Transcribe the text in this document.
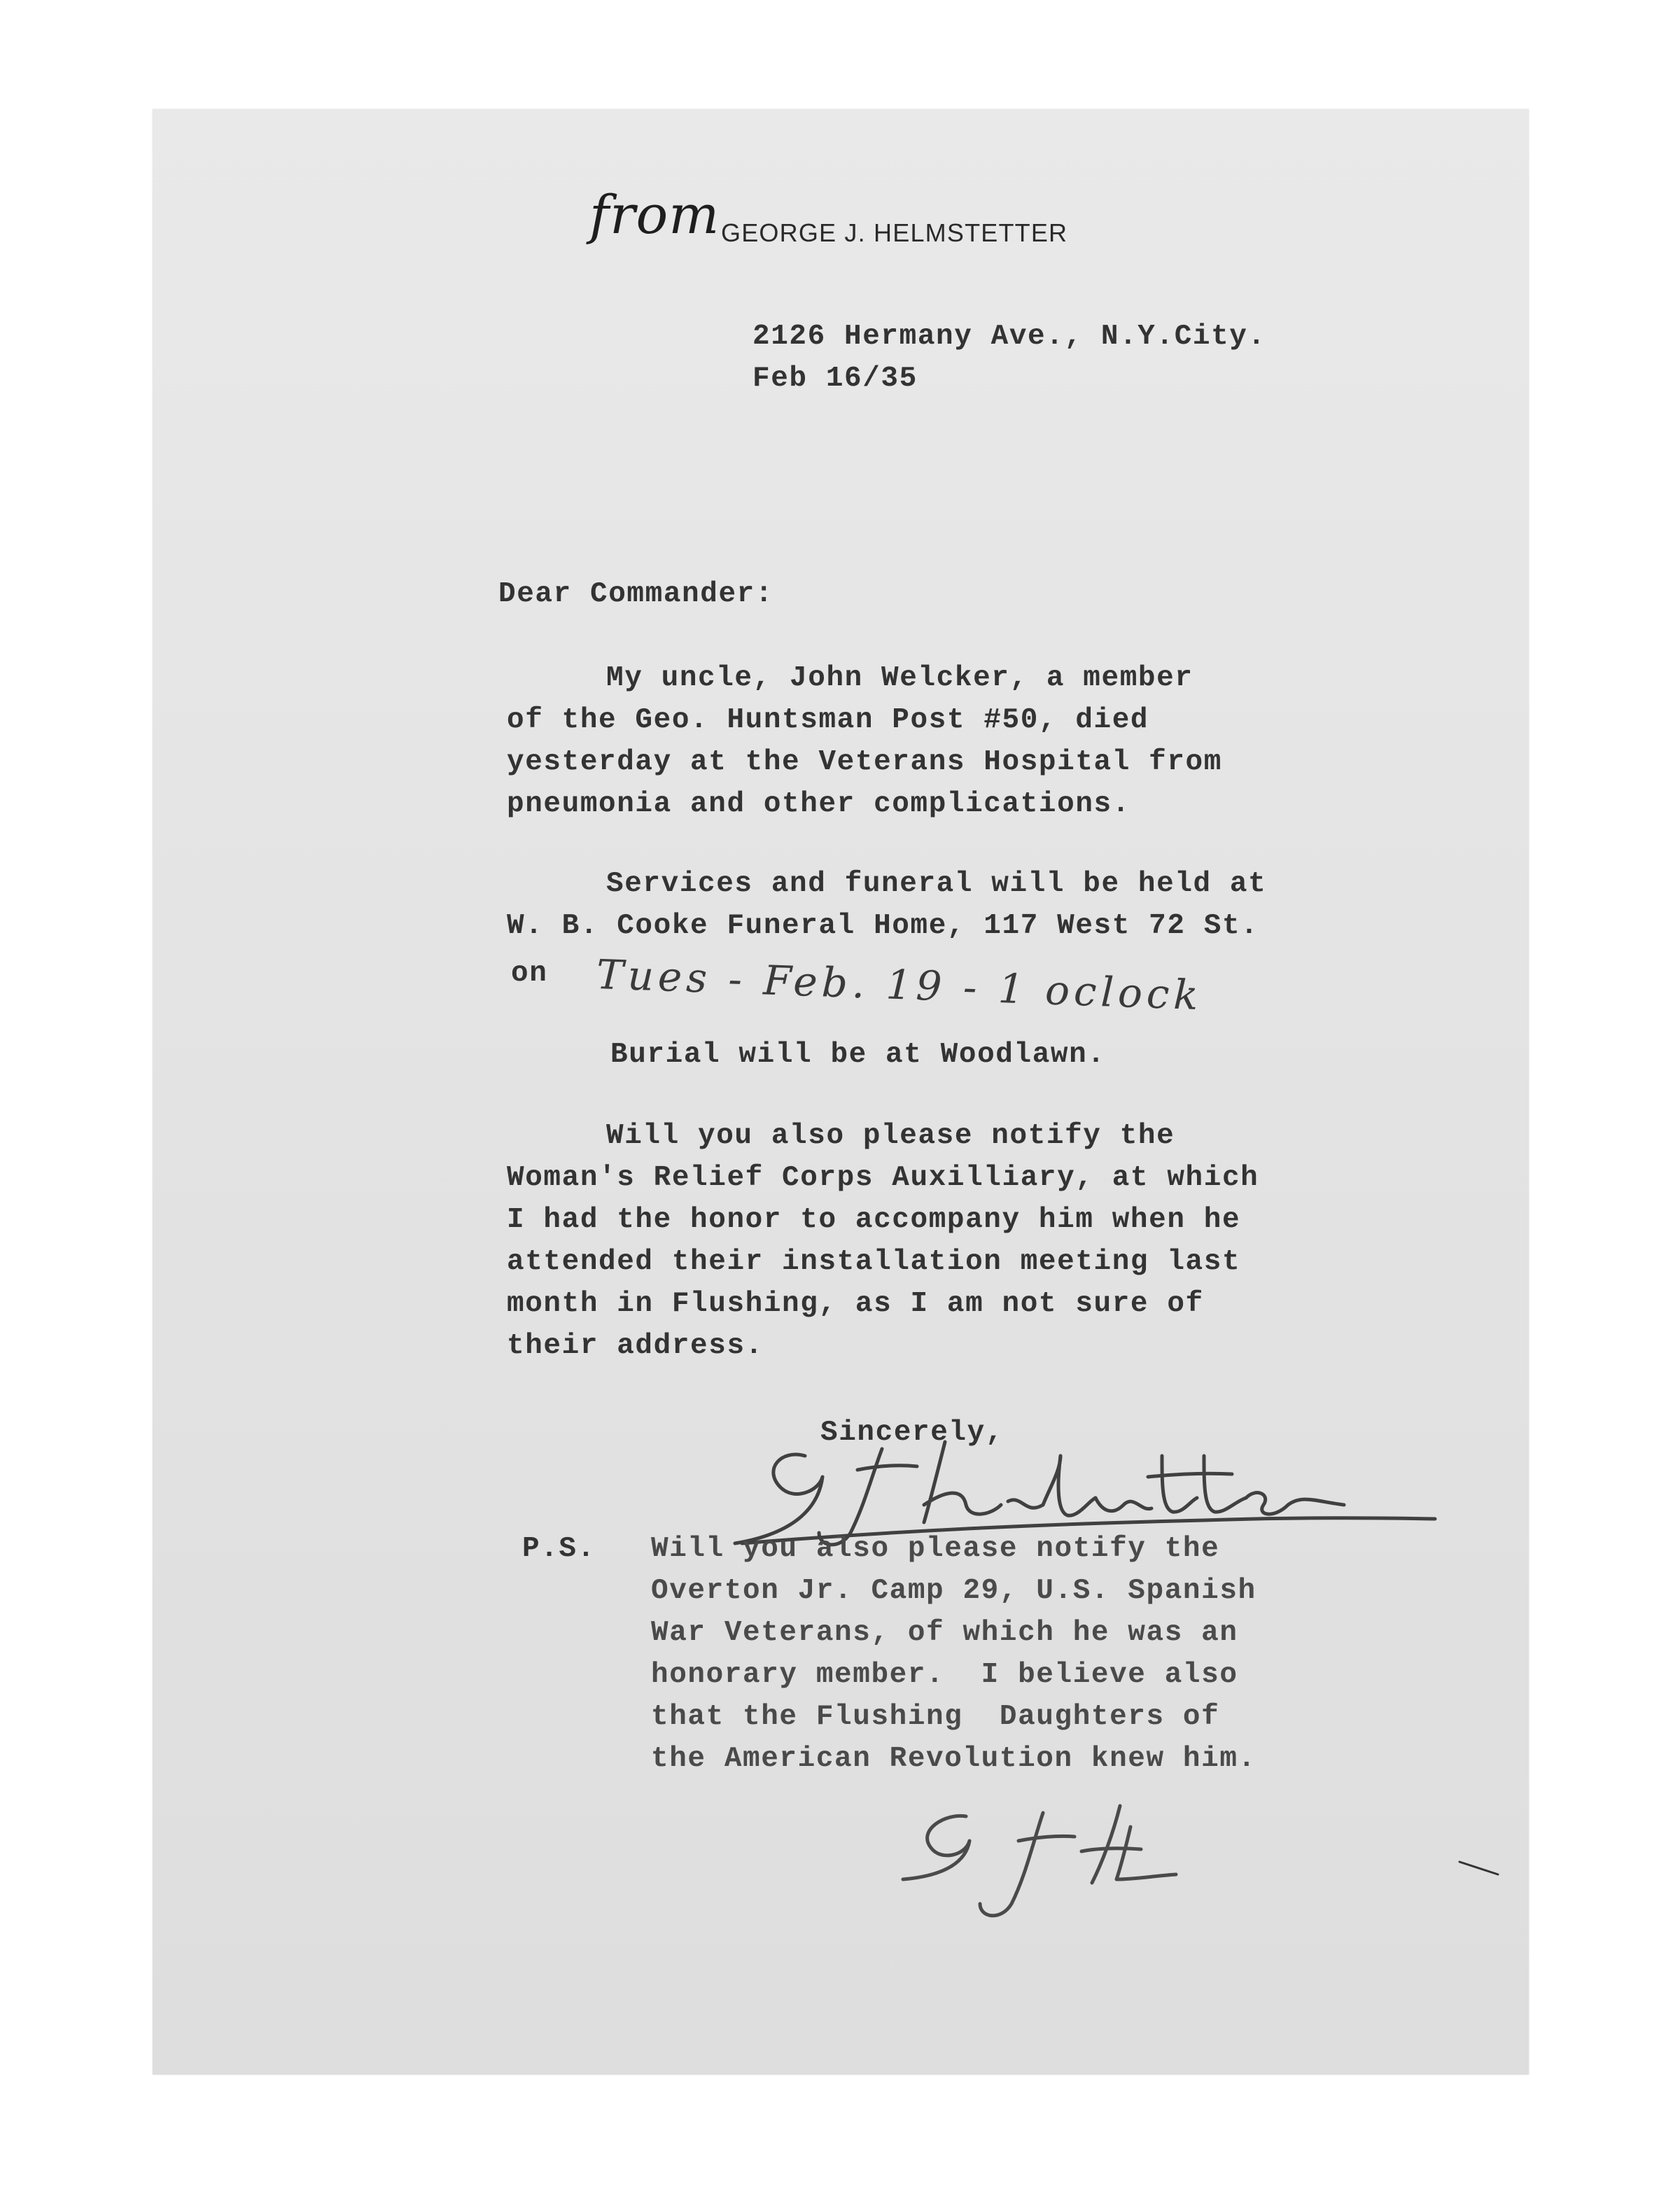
from GEORGE J. HELMSTETTER
2126 Hermany Ave., N.Y.City.
Feb 16/35
Dear Commander:
My uncle, John Welcker, a member
of the Geo. Huntsman Post #50, died
yesterday at the Veterans Hospital from
pneumonia and other complications.
Services and funeral will be held at
W. B. Cooke Funeral Home, 117 West 72 St.
on Tues - Feb. 19 - 1 oclock
Burial will be at Woodlawn.
Will you also please notify the
Woman's Relief Corps Auxilliary, at which
I had the honor to accompany him when he
attended their installation meeting last
month in Flushing, as I am not sure of
their address.
Sincerely,
P.S. Will you also please notify the
Overton Jr. Camp 29, U.S. Spanish
War Veterans, of which he was an
honorary member.  I believe also
that the Flushing  Daughters of
the American Revolution knew him.
